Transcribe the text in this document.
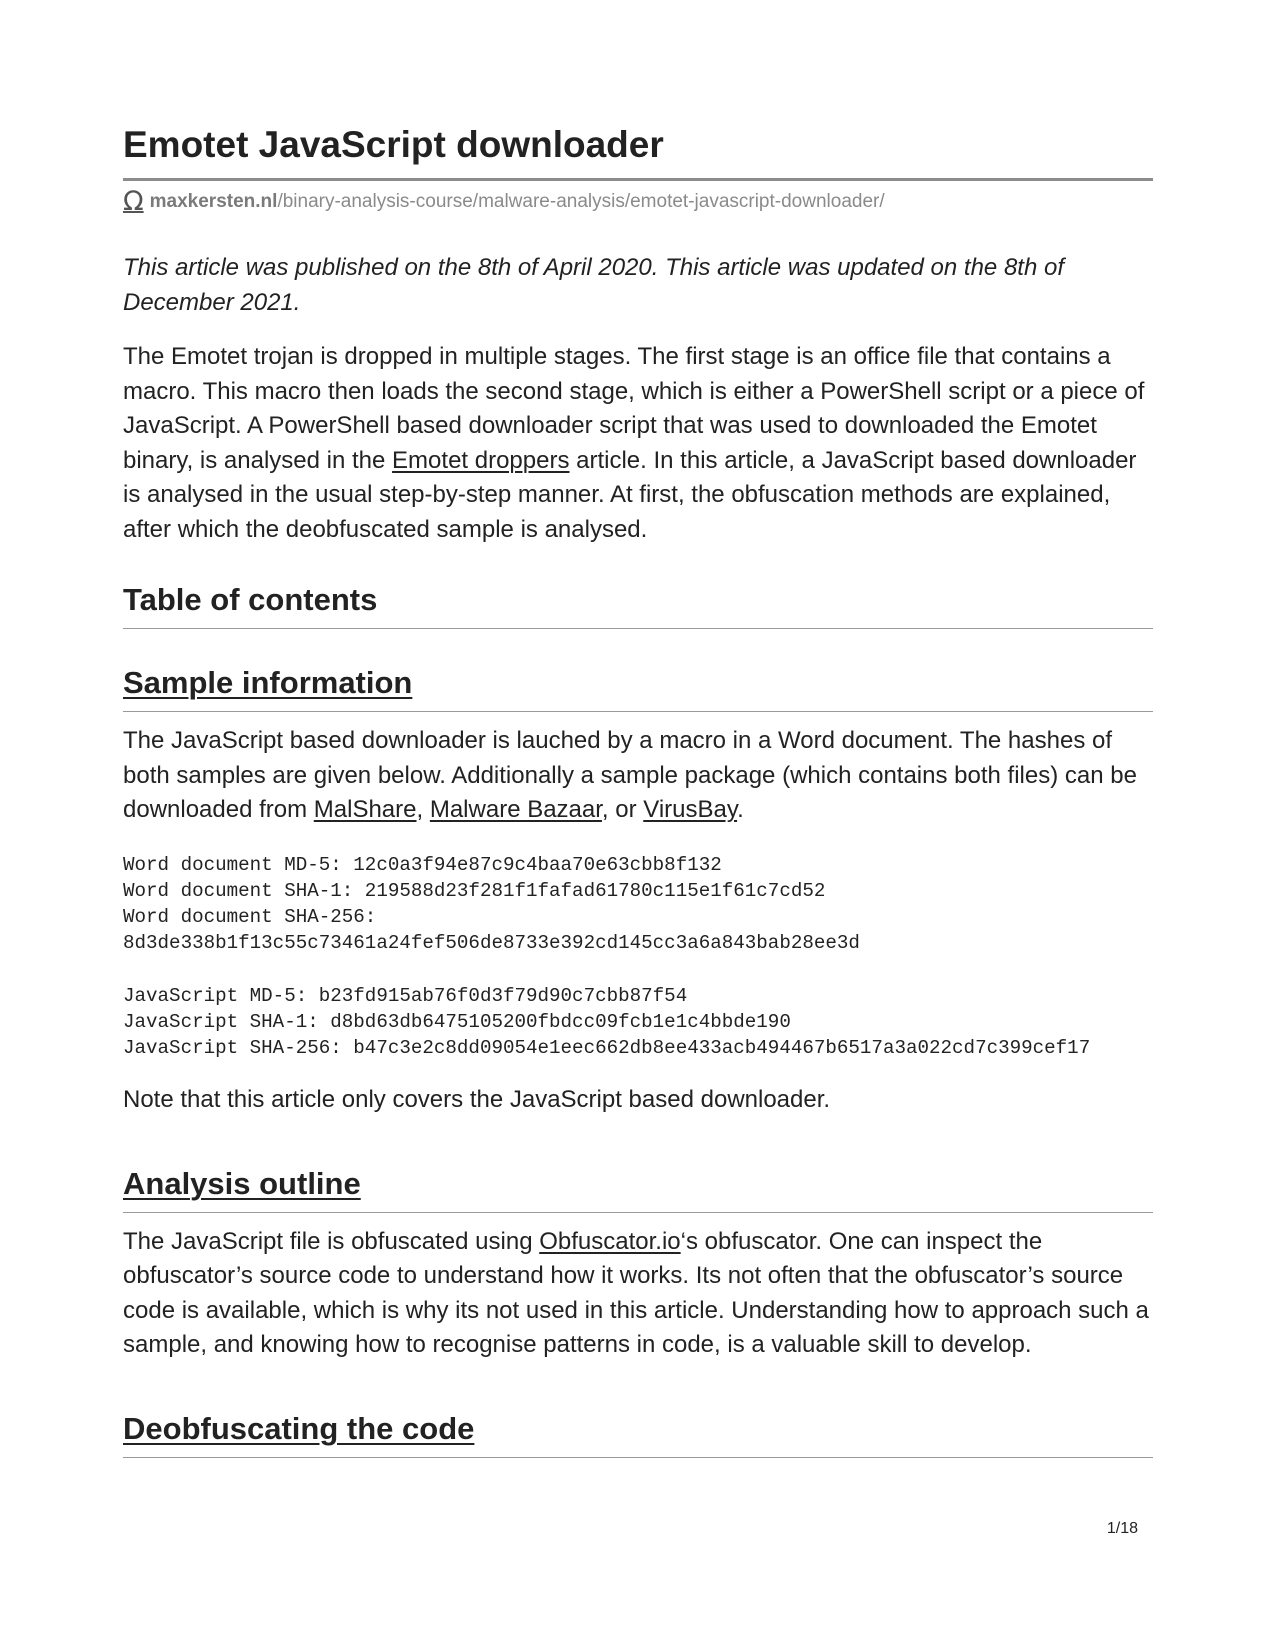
Emotet JavaScript downloader
Ω maxkersten.nl /binary-analysis-course/malware-analysis/emotet-javascript-downloader/

This article was published on the 8th of April 2020. This article was updated on the 8th of December 2021.

The Emotet trojan is dropped in multiple stages. The first stage is an office file that contains a macro. This macro then loads the second stage, which is either a PowerShell script or a piece of JavaScript. A PowerShell based downloader script that was used to downloaded the Emotet binary, is analysed in the Emotet droppers article. In this article, a JavaScript based downloader is analysed in the usual step-by-step manner. At first, the obfuscation methods are explained, after which the deobfuscated sample is analysed.

Table of contents
Sample information

The JavaScript based downloader is lauched by a macro in a Word document. The hashes of both samples are given below. Additionally a sample package (which contains both files) can be downloaded from MalShare, Malware Bazaar, or VirusBay.

Word document MD-5: 12c0a3f94e87c9c4baa70e63cbb8f132
Word document SHA-1: 219588d23f281f1fafad61780c115e1f61c7cd52
Word document SHA-256:
8d3de338b1f13c55c73461a24fef506de8733e392cd145cc3a6a843bab28ee3d

JavaScript MD-5: b23fd915ab76f0d3f79d90c7cbb87f54
JavaScript SHA-1: d8bd63db6475105200fbdcc09fcb1e1c4bbde190
JavaScript SHA-256: b47c3e2c8dd09054e1eec662db8ee433acb494467b6517a3a022cd7c399cef17

Note that this article only covers the JavaScript based downloader.

Analysis outline

The JavaScript file is obfuscated using Obfuscator.io‘s obfuscator. One can inspect the obfuscator’s source code to understand how it works. Its not often that the obfuscator’s source code is available, which is why its not used in this article. Understanding how to approach such a sample, and knowing how to recognise patterns in code, is a valuable skill to develop.

Deobfuscating the code
1/18
